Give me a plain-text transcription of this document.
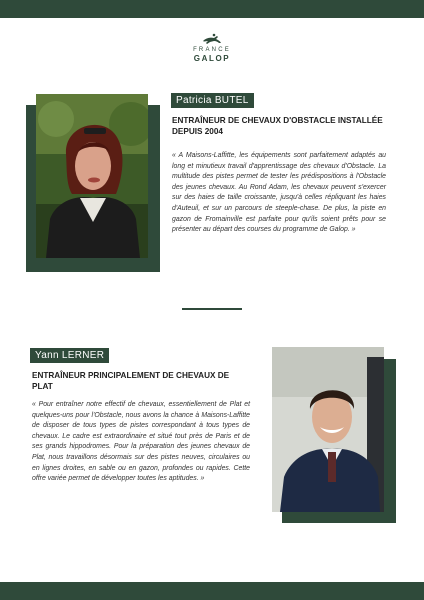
FRANCE
GALOP
Patricia BUTEL
ENTRAÎNEUR DE CHEVAUX D'OBSTACLE INSTALLÉE DEPUIS 2004
« A Maisons-Laffitte, les équipements sont parfaitement adaptés au long et minutieux travail d'apprentissage des chevaux d'Obstacle. La multitude des pistes permet de tester les prédispositions à l'Obstacle des jeunes chevaux. Au Rond Adam, les chevaux peuvent s'exercer sur des haies de taille croissante, jusqu'à celles répliquant les haies d'Auteuil, et sur un parcours de steeple-chase. De plus, la piste en gazon de Fromainville est parfaite pour qu'ils soient prêts pour se présenter au départ des courses du programme de Galop. »
Yann LERNER
ENTRAÎNEUR PRINCIPALEMENT DE CHEVAUX DE PLAT
« Pour entraîner notre effectif de chevaux, essentiellement de Plat et quelques-uns pour l'Obstacle, nous avons la chance à Maisons-Laffitte de disposer de tous types de pistes correspondant à tous types de chevaux. Le cadre est extraordinaire et situé tout près de Paris et de ses grands hippodromes. Pour la préparation des jeunes chevaux de Plat, nous travaillons désormais sur des pistes neuves, circulaires ou en lignes droites, en sable ou en gazon, profondes ou rapides. Cette offre variée permet de développer toutes les aptitudes. »
